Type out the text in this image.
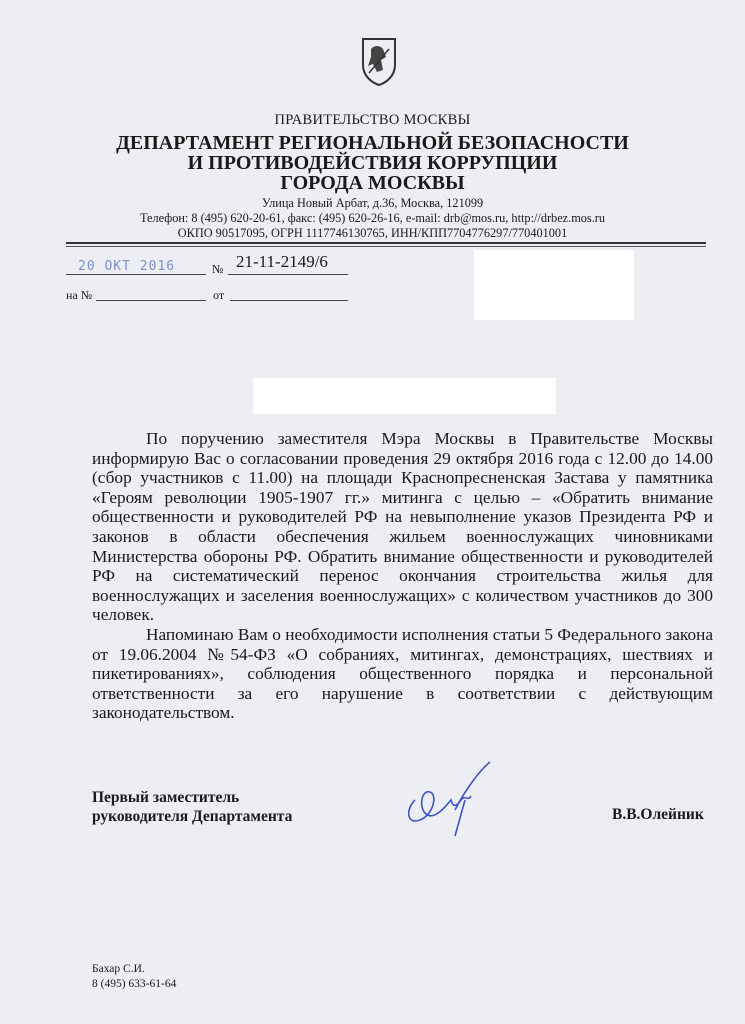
ПРАВИТЕЛЬСТВО МОСКВЫ
ДЕПАРТАМЕНТ РЕГИОНАЛЬНОЙ БЕЗОПАСНОСТИ
И ПРОТИВОДЕЙСТВИЯ КОРРУПЦИИ
ГОРОДА МОСКВЫ
Улица Новый Арбат, д.36, Москва, 121099
Телефон: 8 (495) 620-20-61, факс: (495) 620-26-16, e-mail: drb@mos.ru, http://drbez.mos.ru
ОКПО 90517095, ОГРН 1117746130765, ИНН/КПП7704776297/770401001
20 ОКТ 2016	№ 21-11-2149/6
на №	от

По поручению заместителя Мэра Москвы в Правительстве Москвы информирую Вас о согласовании проведения 29 октября 2016 года с 12.00 до 14.00 (сбор участников с 11.00) на площади Краснопресненская Застава у памятника «Героям революции 1905-1907 гг.» митинга с целью – «Обратить внимание общественности и руководителей РФ на невыполнение указов Президента РФ и законов в области обеспечения жильем военнослужащих чиновниками Министерства обороны РФ. Обратить внимание общественности и руководителей РФ на систематический перенос окончания строительства жилья для военнослужащих и заселения военнослужащих» с количеством участников до 300 человек.

Напоминаю Вам о необходимости исполнения статьи 5 Федерального закона от 19.06.2004 №54-ФЗ «О собраниях, митингах, демонстрациях, шествиях и пикетированиях», соблюдения общественного порядка и персональной ответственности за его нарушение в соответствии с действующим законодательством.

Первый заместитель
руководителя Департамента	В.В.Олейник
Бахар С.И.
8 (495) 633-61-64
